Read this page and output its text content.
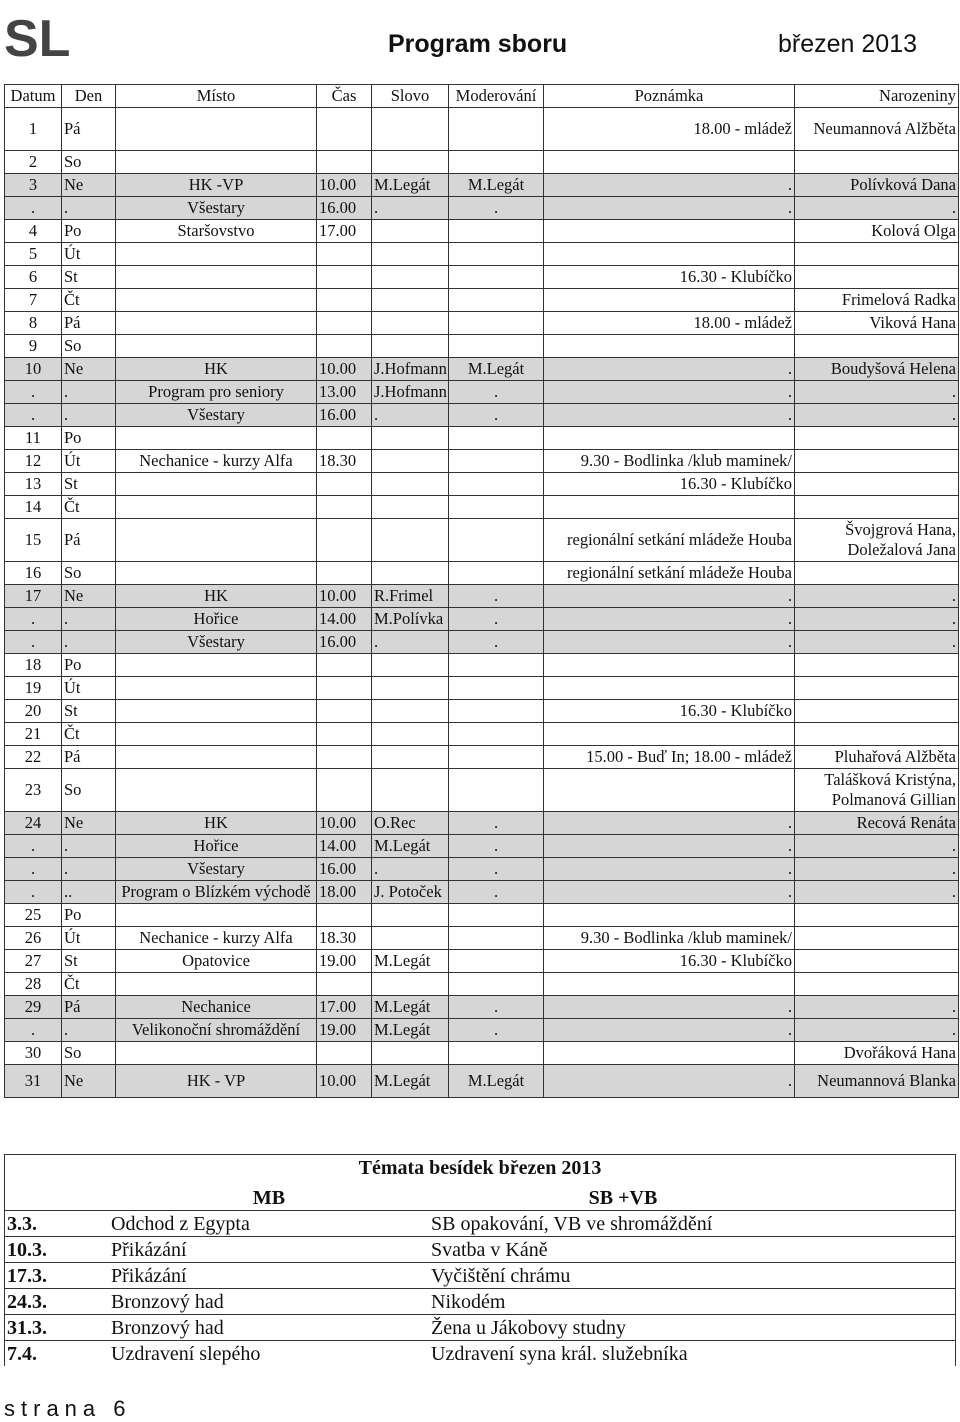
SL	Program sboru	březen 2013
Datum	Den	Místo	Čas	Slovo	Moderování	Poznámka	Narozeniny
1	Pá					18.00 - mládež	Neumannová Alžběta
2	So						
3	Ne	HK -VP	10.00	M.Legát	M.Legát	.	Polívková Dana
.	.	Všestary	16.00	.	.	.	.
4	Po	Staršovstvo	17.00				Kolová Olga
5	Út						
6	St					16.30 - Klubíčko	
7	Čt						Frimelová Radka
8	Pá					18.00 - mládež	Viková Hana
9	So						
10	Ne	HK	10.00	J.Hofmann	M.Legát	.	Boudyšová Helena
.	.	Program pro seniory	13.00	J.Hofmann	.	.	.
.	.	Všestary	16.00	.	.	.	.
11	Po						
12	Út	Nechanice - kurzy Alfa	18.30			9.30 - Bodlinka /klub maminek/	
13	St					16.30 - Klubíčko	
14	Čt						
15	Pá					regionální setkání mládeže Houba	Švojgrová Hana, Doležalová Jana
16	So					regionální setkání mládeže Houba	
17	Ne	HK	10.00	R.Frimel	.	.	.
.	.	Hořice	14.00	M.Polívka	.	.	.
.	.	Všestary	16.00	.	.	.	.
18	Po						
19	Út						
20	St					16.30 - Klubíčko	
21	Čt						
22	Pá					15.00 - Buď In; 18.00 - mládež	Pluhařová Alžběta
23	So						Talášková Kristýna, Polmanová Gillian
24	Ne	HK	10.00	O.Rec	.	.	Recová Renáta
.	.	Hořice	14.00	M.Legát	.	.	.
.	.	Všestary	16.00	.	.	.	.
.	..	Program o Blízkém východě	18.00	J. Potoček	.	.	.
25	Po						
26	Út	Nechanice - kurzy Alfa	18.30			9.30 - Bodlinka /klub maminek/	
27	St	Opatovice	19.00	M.Legát		16.30 - Klubíčko	
28	Čt						
29	Pá	Nechanice	17.00	M.Legát	.	.	.
.	.	Velikonoční shromáždění	19.00	M.Legát	.	.	.
30	So						Dvořáková Hana
31	Ne	HK - VP	10.00	M.Legát	M.Legát	.	Neumannová Blanka
Témata besídek březen 2013
	MB	SB +VB
3.3.	Odchod z Egypta	SB opakování, VB ve shromáždění
10.3.	Přikázání	Svatba v Káně
17.3.	Přikázání	Vyčištění chrámu
24.3.	Bronzový had	Nikodém
31.3.	Bronzový had	Žena u Jákobovy studny
7.4.	Uzdravení slepého	Uzdravení syna král. služebníka
strana 6
